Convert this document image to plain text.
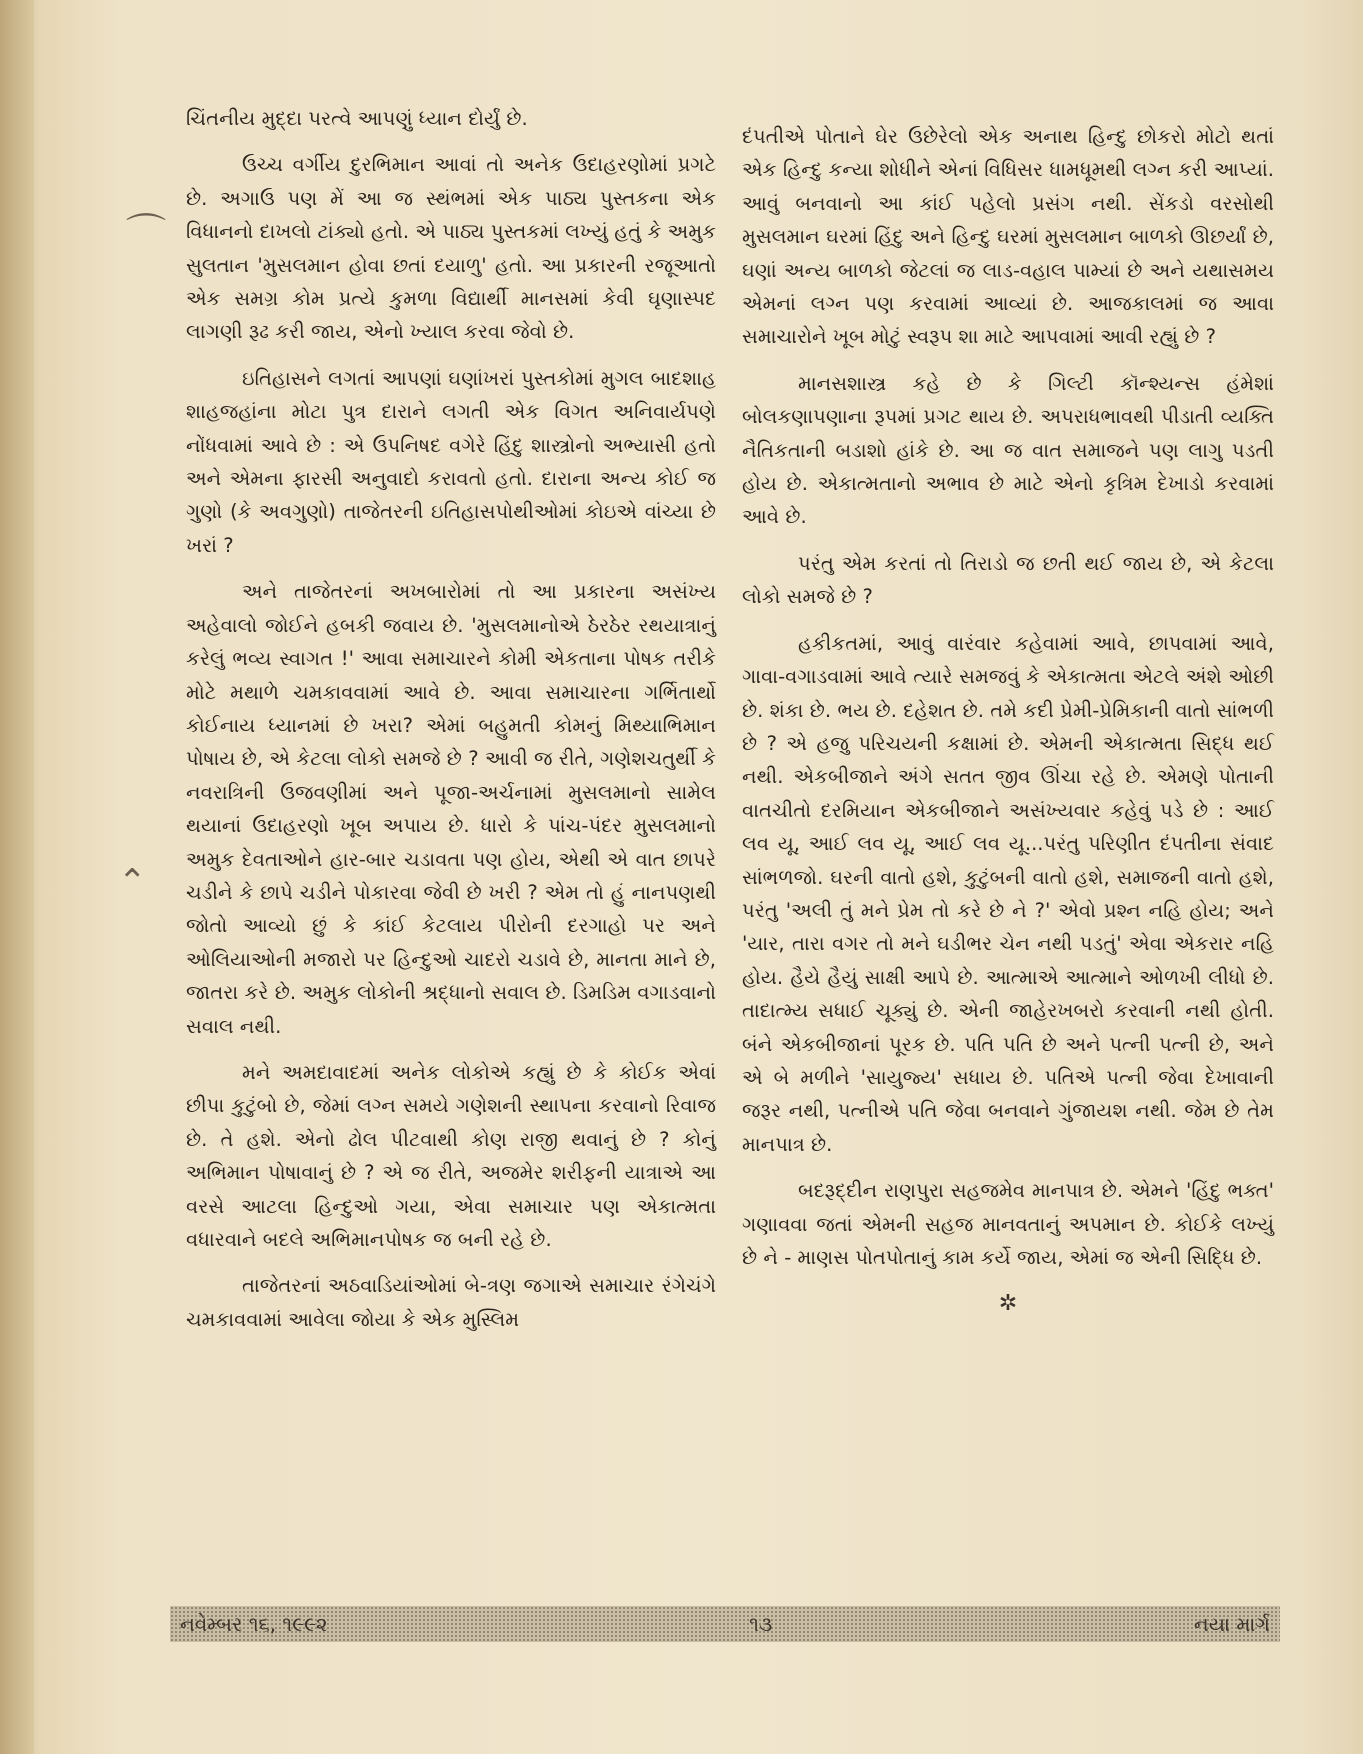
⌒
⌃

ચિંતનીય મુદ્દા પરત્વે આપણું ધ્યાન દોર્યું છે.

ઉચ્ચ વર્ગીય દુરભિમાન આવાં તો અનેક ઉદાહરણોમાં પ્રગટે છે. અગાઉ પણ મેં આ જ સ્થંભમાં એક પાઠ્ય પુસ્તકના એક વિધાનનો દાખલો ટાંક્યો હતો. એ પાઠ્ય પુસ્તકમાં લખ્યું હતું કે અમુક સુલતાન 'મુસલમાન હોવા છતાં દયાળુ' હતો. આ પ્રકારની રજૂઆતો એક સમગ્ર કોમ પ્રત્યે કુમળા વિદ્યાર્થી માનસમાં કેવી ઘૃણાસ્પદ લાગણી રૂઢ કરી જાય, એનો ખ્યાલ કરવા જેવો છે.

ઇતિહાસને લગતાં આપણાં ઘણાંખરાં પુસ્તકોમાં મુગલ બાદશાહ શાહજહાંના મોટા પુત્ર દારાને લગતી એક વિગત અનિવાર્યપણે નોંધવામાં આવે છે : એ ઉપનિષદ વગેરે હિંદુ શાસ્ત્રોનો અભ્યાસી હતો અને એમના ફારસી અનુવાદો કરાવતો હતો. દારાના અન્ય કોઈ જ ગુણો (કે અવગુણો) તાજેતરની ઇતિહાસપોથીઓમાં કોઇએ વાંચ્યા છે ખરાં ?

અને તાજેતરનાં અખબારોમાં તો આ પ્રકારના અસંખ્ય અહેવાલો જોઈને હબકી જવાય છે. 'મુસલમાનોએ ઠેરઠેર રથયાત્રાનું કરેલું ભવ્ય સ્વાગત !' આવા સમાચારને કોમી એકતાના પોષક તરીકે મોટે મથાળે ચમકાવવામાં આવે છે. આવા સમાચારના ગર્ભિતાર્થો કોઈનાય ધ્યાનમાં છે ખરા? એમાં બહુમતી કોમનું મિથ્યાભિમાન પોષાય છે, એ કેટલા લોકો સમજે છે ? આવી જ રીતે, ગણેશચતુર્થી કે નવરાત્રિની ઉજવણીમાં અને પૂજા-અર્ચનામાં મુસલમાનો સામેલ થયાનાં ઉદાહરણો ખૂબ અપાય છે. ધારો કે પાંચ-પંદર મુસલમાનો અમુક દેવતાઓને હાર-બાર ચડાવતા પણ હોય, એથી એ વાત છાપરે ચડીને કે છાપે ચડીને પોકારવા જેવી છે ખરી ? એમ તો હું નાનપણથી જોતો આવ્યો છું કે કાંઈ કેટલાય પીરોની દરગાહો પર અને ઓલિયાઓની મજારો પર હિન્દુઓ ચાદરો ચડાવે છે, માનતા માને છે, જાતરા કરે છે. અમુક લોકોની શ્રદ્ધાનો સવાલ છે. ડિમડિમ વગાડવાનો સવાલ નથી.

મને અમદાવાદમાં અનેક લોકોએ કહ્યું છે કે કોઈક એવાં છીપા કુટુંબો છે, જેમાં લગ્ન સમયે ગણેશની સ્થાપના કરવાનો રિવાજ છે. તે હશે. એનો ઢોલ પીટવાથી કોણ રાજી થવાનું છે ? કોનું અભિમાન પોષાવાનું છે ? એ જ રીતે, અજમેર શરીફની યાત્રાએ આ વરસે આટલા હિન્દુઓ ગયા, એવા સમાચાર પણ એકાત્મતા વધારવાને બદલે અભિમાનપોષક જ બની રહે છે.

તાજેતરનાં અઠવાડિયાંઓમાં બે-ત્રણ જગાએ સમાચાર રંગેચંગે ચમકાવવામાં આવેલા જોયા કે એક મુસ્લિમ

દંપતીએ પોતાને ઘેર ઉછેરેલો એક અનાથ હિન્દુ છોકરો મોટો થતાં એક હિન્દુ કન્યા શોધીને એનાં વિધિસર ધામધૂમથી લગ્ન કરી આપ્યાં. આવું બનવાનો આ કાંઈ પહેલો પ્રસંગ નથી. સેંકડો વરસોથી મુસલમાન ઘરમાં હિંદુ અને હિન્દુ ઘરમાં મુસલમાન બાળકો ઊછર્યાં છે, ઘણાં અન્ય બાળકો જેટલાં જ લાડ-વહાલ પામ્યાં છે અને યથાસમય એમનાં લગ્ન પણ કરવામાં આવ્યાં છે. આજકાલમાં જ આવા સમાચારોને ખૂબ મોટું સ્વરૂપ શા માટે આપવામાં આવી રહ્યું છે ?

માનસશાસ્ત્ર કહે છે કે ગિલ્ટી કૉન્શ્યન્સ હંમેશાં બોલકણાપણાના રૂપમાં પ્રગટ થાય છે. અપરાધભાવથી પીડાતી વ્યક્તિ નૈતિકતાની બડાશો હાંકે છે. આ જ વાત સમાજને પણ લાગુ પડતી હોય છે. એકાત્મતાનો અભાવ છે માટે એનો કૃત્રિમ દેખાડો કરવામાં આવે છે.

પરંતુ એમ કરતાં તો તિરાડો જ છતી થઈ જાય છે, એ કેટલા લોકો સમજે છે ?

હકીકતમાં, આવું વારંવાર કહેવામાં આવે, છાપવામાં આવે, ગાવા-વગાડવામાં આવે ત્યારે સમજવું કે એકાત્મતા એટલે અંશે ઓછી છે. શંકા છે. ભય છે. દહેશત છે. તમે કદી પ્રેમી-પ્રેમિકાની વાતો સાંભળી છે ? એ હજુ પરિચયની કક્ષામાં છે. એમની એકાત્મતા સિદ્ધ થઈ નથી. એકબીજાને અંગે સતત જીવ ઊંચા રહે છે. એમણે પોતાની વાતચીતો દરમિયાન એકબીજાને અસંખ્યવાર કહેવું પડે છે : આઈ લવ યૂ, આઈ લવ યૂ, આઈ લવ યૂ...પરંતુ પરિણીત દંપતીના સંવાદ સાંભળજો. ઘરની વાતો હશે, કુટુંબની વાતો હશે, સમાજની વાતો હશે, પરંતુ 'અલી તું મને પ્રેમ તો કરે છે ને ?' એવો પ્રશ્ન નહિ હોય; અને 'યાર, તારા વગર તો મને ઘડીભર ચેન નથી પડતું' એવા એકરાર નહિ હોય. હૈયે હૈયું સાક્ષી આપે છે. આત્માએ આત્માને ઓળખી લીધો છે. તાદાત્મ્ય સધાઈ ચૂક્યું છે. એની જાહેરખબરો કરવાની નથી હોતી. બંને એકબીજાનાં પૂરક છે. પતિ પતિ છે અને પત્ની પત્ની છે, અને એ બે મળીને 'સાયુજ્ય' સધાય છે. પતિએ પત્ની જેવા દેખાવાની જરૂર નથી, પત્નીએ પતિ જેવા બનવાને ગુંજાયશ નથી. જેમ છે તેમ માનપાત્ર છે.

બદરૂદ્દીન રાણપુરા સહજમેવ માનપાત્ર છે. એમને 'હિંદુ ભક્ત' ગણાવવા જતાં એમની સહજ માનવતાનું અપમાન છે. કોઈકે લખ્યું છે ને - માણસ પોતપોતાનું કામ કર્યે જાય, એમાં જ એની સિદ્ધિ છે.

✲
નવેમ્બર ૧૬, ૧૯૯૨	૧૩	નયા માર્ગ
